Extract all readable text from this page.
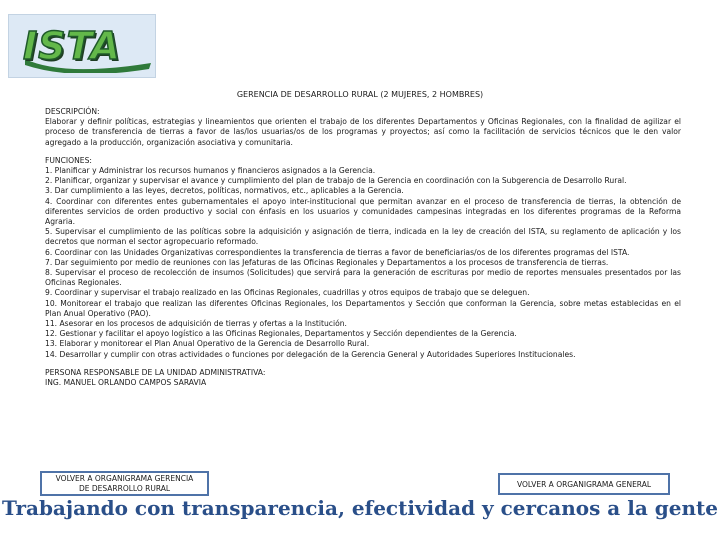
ISTA
GERENCIA DE DESARROLLO RURAL (2 MUJERES, 2 HOMBRES)

DESCRIPCIÓN:

Elaborar y definir políticas, estrategias y lineamientos que orienten el trabajo de los diferentes Departamentos y Oficinas Regionales, con la finalidad de agilizar el proceso de transferencia de tierras a favor de las/los usuarias/os de los programas y proyectos; así como la facilitación de servicios técnicos que le den valor agregado a la producción, organización asociativa y comunitaria.

FUNCIONES:

1. Planificar y Administrar los recursos humanos y financieros asignados a la Gerencia.

2. Planificar, organizar y supervisar el avance y cumplimiento del plan de trabajo de la Gerencia en coordinación con la Subgerencia de Desarrollo Rural.

3. Dar cumplimiento a las leyes, decretos, políticas, normativos, etc., aplicables a la Gerencia.

4. Coordinar con diferentes entes gubernamentales el apoyo inter-institucional que permitan avanzar en el proceso de transferencia de tierras, la obtención de diferentes servicios de orden productivo y social con énfasis en los usuarios y comunidades campesinas integradas en los diferentes programas de la Reforma Agraria.

5. Supervisar el cumplimiento de las políticas sobre la adquisición y asignación de tierra, indicada en la ley de creación del ISTA, su reglamento de aplicación y los decretos que norman el sector agropecuario reformado.

6. Coordinar con las Unidades Organizativas correspondientes la transferencia de tierras a favor de beneficiarias/os de los diferentes programas del ISTA.

7. Dar seguimiento por medio de reuniones con las Jefaturas de las Oficinas Regionales y Departamentos a los procesos de transferencia de tierras.

8. Supervisar el proceso de recolección de insumos (Solicitudes) que servirá para la generación de escrituras por medio de reportes mensuales presentados por las Oficinas Regionales.

9. Coordinar y supervisar el trabajo realizado en las Oficinas Regionales, cuadrillas y otros equipos de trabajo que se deleguen.

10. Monitorear el trabajo que realizan las diferentes Oficinas Regionales, los Departamentos y Sección que conforman la Gerencia, sobre metas establecidas en el Plan Anual Operativo (PAO).

11. Asesorar en los procesos de adquisición de tierras y ofertas a la Institución.

12. Gestionar y facilitar el apoyo logístico a las Oficinas Regionales, Departamentos y Sección dependientes de la Gerencia.

13. Elaborar y monitorear el Plan Anual Operativo de la Gerencia de Desarrollo Rural.

14. Desarrollar y cumplir con otras actividades o funciones por delegación de la Gerencia General y Autoridades Superiores Institucionales.

PERSONA RESPONSABLE DE LA UNIDAD ADMINISTRATIVA:

ING. MANUEL ORLANDO CAMPOS SARAVIA

VOLVER A ORGANIGRAMA GERENCIA
DE DESARROLLO RURAL	VOLVER A ORGANIGRAMA GENERAL
Trabajando con transparencia, efectividad y cercanos a la gente
